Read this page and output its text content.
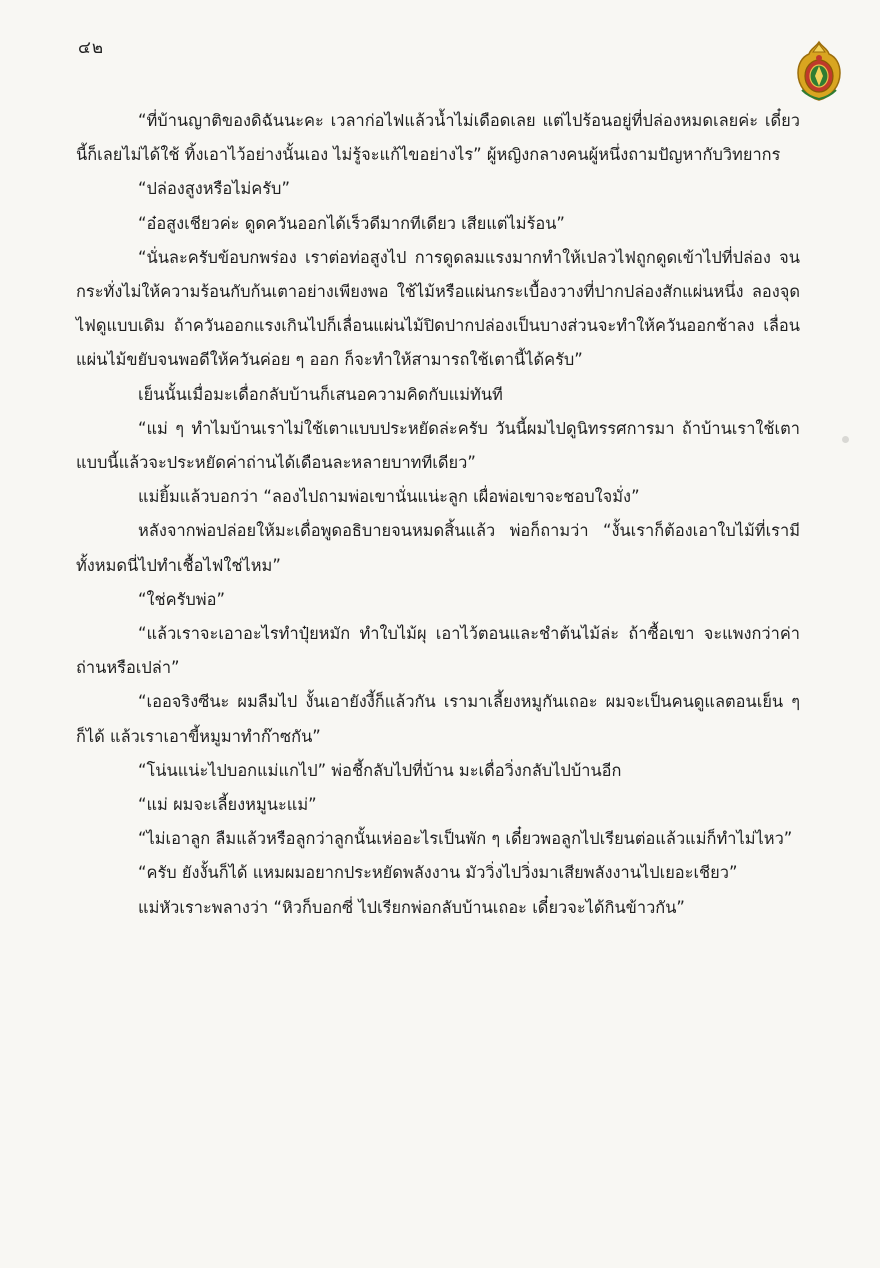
๔๒

“ที่บ้านญาติของดิฉันนะคะ เวลาก่อไฟแล้วน้ำไม่เดือดเลย แต่ไปร้อนอยู่ที่ปล่องหมดเลยค่ะ เดี๋ยวนี้ก็เลยไม่ได้ใช้ ทิ้งเอาไว้อย่างนั้นเอง ไม่รู้จะแก้ไขอย่างไร” ผู้หญิงกลางคนผู้หนึ่งถามปัญหากับวิทยากร

“ปล่องสูงหรือไม่ครับ”

“อ๋อสูงเชียวค่ะ ดูดควันออกได้เร็วดีมากทีเดียว เสียแต่ไม่ร้อน”

“นั่นละครับข้อบกพร่อง เราต่อท่อสูงไป การดูดลมแรงมากทำให้เปลวไฟถูกดูดเข้าไปที่ปล่อง จนกระทั่งไม่ให้ความร้อนกับก้นเตาอย่างเพียงพอ ใช้ไม้หรือแผ่นกระเบื้องวางที่ปากปล่องสักแผ่นหนึ่ง ลองจุดไฟดูแบบเดิม ถ้าควันออกแรงเกินไปก็เลื่อนแผ่นไม้ปิดปากปล่องเป็นบางส่วนจะทำให้ควันออกช้าลง เลื่อนแผ่นไม้ขยับจนพอดีให้ควันค่อย ๆ ออก ก็จะทำให้สามารถใช้เตานี้ได้ครับ”

เย็นนั้นเมื่อมะเดื่อกลับบ้านก็เสนอความคิดกับแม่ทันที

“แม่ ๆ ทำไมบ้านเราไม่ใช้เตาแบบประหยัดล่ะครับ วันนี้ผมไปดูนิทรรศการมา ถ้าบ้านเราใช้เตาแบบนี้แล้วจะประหยัดค่าถ่านได้เดือนละหลายบาททีเดียว”

แม่ยิ้มแล้วบอกว่า “ลองไปถามพ่อเขานั่นแน่ะลูก เผื่อพ่อเขาจะชอบใจมั่ง”

หลังจากพ่อปล่อยให้มะเดื่อพูดอธิบายจนหมดสิ้นแล้ว พ่อก็ถามว่า “งั้นเราก็ต้องเอาใบไม้ที่เรามีทั้งหมดนี่ไปทำเชื้อไฟใช่ไหม”

“ใช่ครับพ่อ”

“แล้วเราจะเอาอะไรทำปุ๋ยหมัก ทำใบไม้ผุ เอาไว้ตอนและชำต้นไม้ล่ะ ถ้าซื้อเขา จะแพงกว่าค่าถ่านหรือเปล่า”

“เออจริงซีนะ ผมลืมไป งั้นเอายังงี้ก็แล้วกัน เรามาเลี้ยงหมูกันเถอะ ผมจะเป็นคนดูแลตอนเย็น ๆ ก็ได้ แล้วเราเอาขี้หมูมาทำก๊าซกัน”

“โน่นแน่ะไปบอกแม่แกไป” พ่อชี้กลับไปที่บ้าน มะเดื่อวิ่งกลับไปบ้านอีก

“แม่ ผมจะเลี้ยงหมูนะแม่”

“ไม่เอาลูก ลืมแล้วหรือลูกว่าลูกนั้นเห่ออะไรเป็นพัก ๆ เดี๋ยวพอลูกไปเรียนต่อแล้วแม่ก็ทำไม่ไหว”

“ครับ ยังงั้นก็ได้ แหมผมอยากประหยัดพลังงาน มัววิ่งไปวิ่งมาเสียพลังงานไปเยอะเชียว”

แม่หัวเราะพลางว่า “หิวก็บอกซี่ ไปเรียกพ่อกลับบ้านเถอะ เดี๋ยวจะได้กินข้าวกัน”
